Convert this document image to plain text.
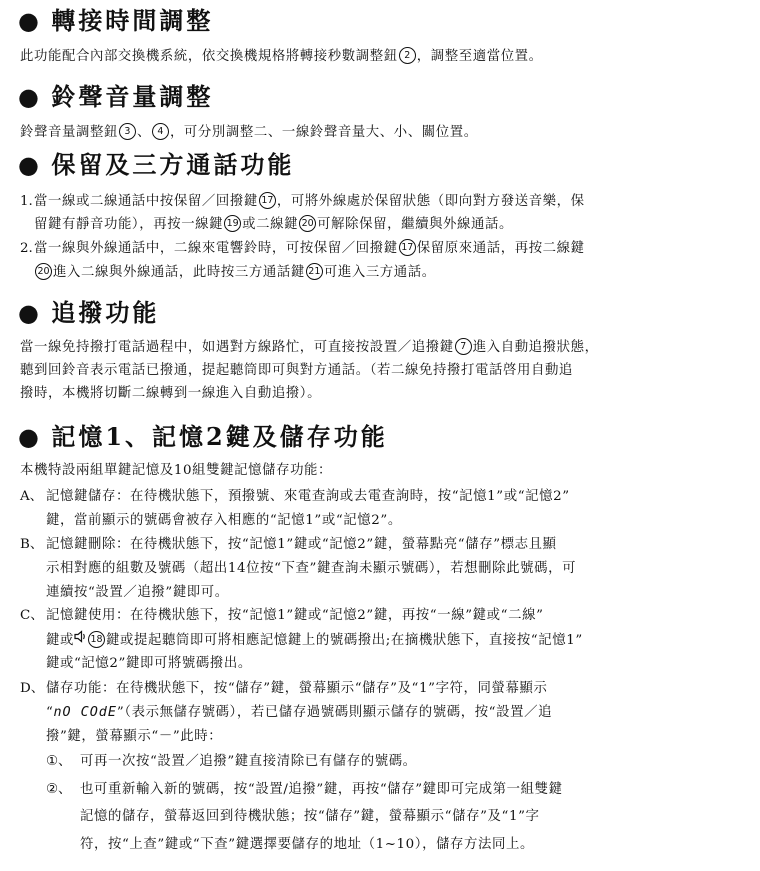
● 轉接時間調整
此功能配合內部交換機系統，依交換機規格將轉接秒數調整鈕 2 ，調整至適當位置。
● 鈴聲音量調整
鈴聲音量調整鈕 3 、 4 ，可分別調整二、一線鈴聲音量大、小、關位置。
● 保留及三方通話功能
1. 當一線或二線通話中按保留／回撥鍵 17 ，可將外線處於保留狀態（即向對方發送音樂，保
留鍵有靜音功能），再按一線鍵 19 或二線鍵 20 可解除保留，繼續與外線通話。
2. 當一線與外線通話中，二線來電響鈴時，可按保留／回撥鍵 17 保留原來通話，再按二線鍵
20 進入二線與外線通話，此時按三方通話鍵 21 可進入三方通話。
● 追撥功能
當一線免持撥打電話過程中，如遇對方線路忙，可直接按設置／追撥鍵 7 進入自動追撥狀態，
聽到回鈴音表示電話已撥通，提起聽筒即可與對方通話。（若二線免持撥打電話啓用自動追
撥時，本機將切斷二線轉到一線進入自動追撥）。
● 記憶1、記憶2鍵及儲存功能
本機特設兩組單鍵記憶及10組雙鍵記憶儲存功能：
A、 記憶鍵儲存：在待機狀態下，預撥號、來電查詢或去電查詢時，按“記憶1”或“記憶2”
鍵，當前顯示的號碼會被存入相應的“記憶1”或“記憶2”。
B、 記憶鍵刪除：在待機狀態下，按“記憶1”鍵或“記憶2”鍵，螢幕點亮“儲存”標志且顯
示相對應的組數及號碼（超出14位按“下查”鍵查詢未顯示號碼），若想刪除此號碼，可
連續按“設置／追撥”鍵即可。
C、 記憶鍵使用：在待機狀態下，按“記憶1”鍵或“記憶2”鍵，再按“一線”鍵或“二線”
鍵或 18 鍵或提起聽筒即可將相應記憶鍵上的號碼撥出;在摘機狀態下，直接按“記憶1”
鍵或“記憶2”鍵即可將號碼撥出。
D、 儲存功能：在待機狀態下，按“儲存”鍵，螢幕顯示“儲存”及“1”字符，同螢幕顯示
“nO COdE”（表示無儲存號碼），若已儲存過號碼則顯示儲存的號碼，按“設置／追
撥”鍵，螢幕顯示“－”此時：
①、 可再一次按“設置／追撥”鍵直接清除已有儲存的號碼。
②、 也可重新輸入新的號碼，按“設置/追撥”鍵，再按“儲存”鍵即可完成第一組雙鍵
記憶的儲存，螢幕返回到待機狀態；按“儲存”鍵，螢幕顯示“儲存”及“1”字
符，按“上查”鍵或“下查”鍵選擇要儲存的地址（1~10），儲存方法同上。
